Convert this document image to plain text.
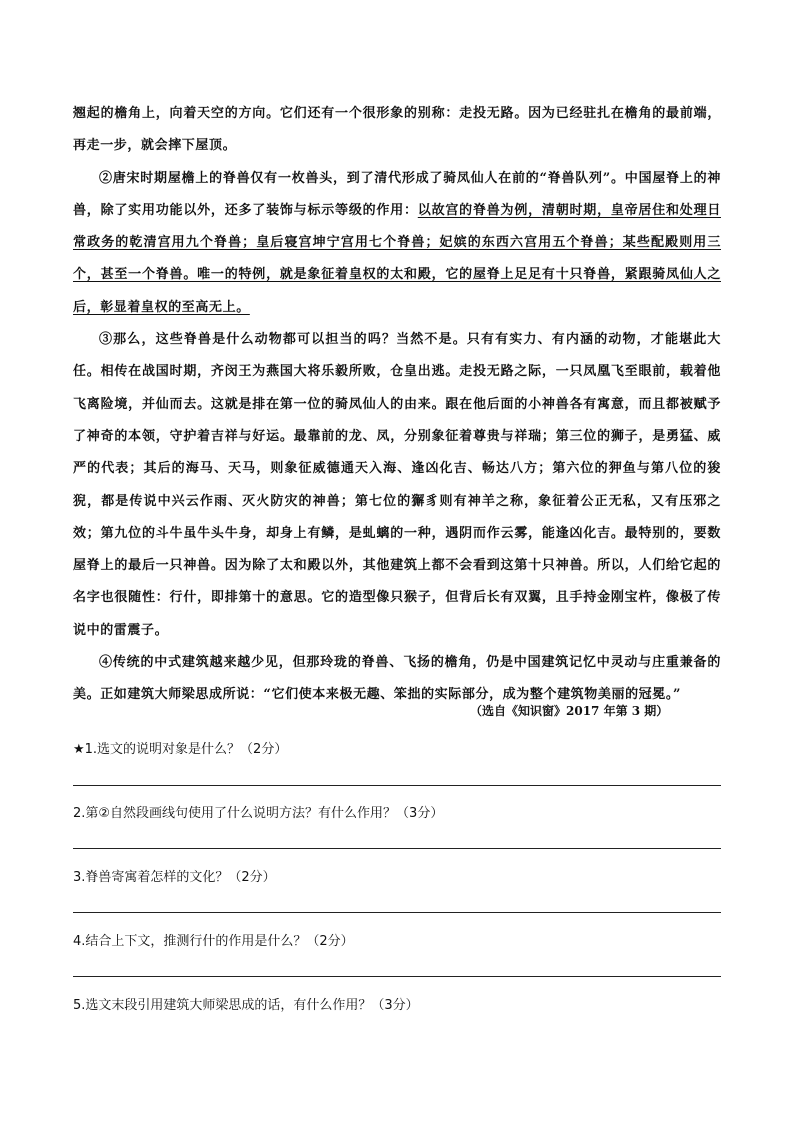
翘起的檐角上，向着天空的方向。它们还有一个很形象的别称：走投无路。因为已经驻扎在檐角的最前端，再走一步，就会摔下屋顶。

②唐宋时期屋檐上的脊兽仅有一枚兽头，到了清代形成了骑凤仙人在前的“脊兽队列”。中国屋脊上的神兽，除了实用功能以外，还多了装饰与标示等级的作用：以故宫的脊兽为例，清朝时期，皇帝居住和处理日常政务的乾清宫用九个脊兽；皇后寝宫坤宁宫用七个脊兽；妃嫔的东西六宫用五个脊兽；某些配殿则用三个，甚至一个脊兽。唯一的特例，就是象征着皇权的太和殿，它的屋脊上足足有十只脊兽，紧跟骑凤仙人之后，彰显着皇权的至高无上。

③那么，这些脊兽是什么动物都可以担当的吗？当然不是。只有有实力、有内涵的动物，才能堪此大任。相传在战国时期，齐闵王为燕国大将乐毅所败，仓皇出逃。走投无路之际，一只凤凰飞至眼前，载着他飞离险境，并仙而去。这就是排在第一位的骑凤仙人的由来。跟在他后面的小神兽各有寓意，而且都被赋予了神奇的本领，守护着吉祥与好运。最靠前的龙、凤，分别象征着尊贵与祥瑞；第三位的狮子，是勇猛、威严的代表；其后的海马、天马，则象征威德通天入海、逢凶化吉、畅达八方；第六位的狎鱼与第八位的狻猊，都是传说中兴云作雨、灭火防灾的神兽；第七位的獬豸则有神羊之称，象征着公正无私，又有压邪之效；第九位的斗牛虽牛头牛身，却身上有鳞，是虬螭的一种，遇阴而作云雾，能逢凶化吉。最特别的，要数屋脊上的最后一只神兽。因为除了太和殿以外，其他建筑上都不会看到这第十只神兽。所以，人们给它起的名字也很随性：行什，即排第十的意思。它的造型像只猴子，但背后长有双翼，且手持金刚宝杵，像极了传说中的雷震子。

④传统的中式建筑越来越少见，但那玲珑的脊兽、飞扬的檐角，仍是中国建筑记忆中灵动与庄重兼备的美。正如建筑大师梁思成所说：“它们使本来极无趣、笨拙的实际部分，成为整个建筑物美丽的冠冕。”

（选自《知识窗》2017 年第 3 期）
★1.选文的说明对象是什么？（2分）
2.第②自然段画线句使用了什么说明方法？有什么作用？（3分）
3.脊兽寄寓着怎样的文化？（2分）
4.结合上下文，推测行什的作用是什么？（2分）
5.选文末段引用建筑大师梁思成的话，有什么作用？（3分）
